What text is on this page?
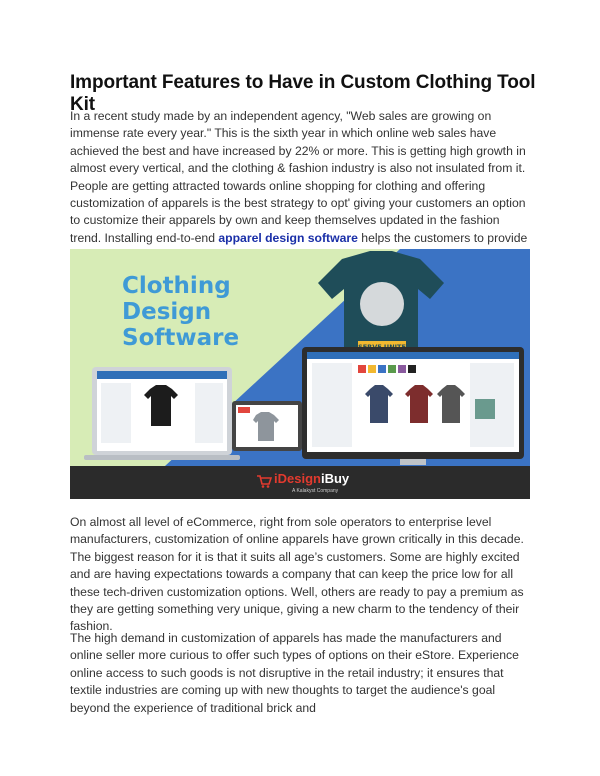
Important Features to Have in Custom Clothing Tool Kit

In a recent study made by an independent agency, "Web sales are growing on immense rate every year." This is the sixth year in which online web sales have achieved the best and have increased by 22% or more. This is getting high growth in almost every vertical, and the clothing & fashion industry is also not insulated from it. People are getting attracted towards online shopping for clothing and offering customization of apparels is the best strategy to opt' giving your customers an option to customize their apparels by own and keep themselves updated in the fashion trend. Installing end-to-end apparel design software helps the customers to provide

Clothing
Design
Software
iDesigniBuy
A Kalakyst Company

On almost all level of eCommerce, right from sole operators to enterprise level manufacturers, customization of online apparels have grown critically in this decade. The biggest reason for it is that it suits all age’s customers. Some are highly excited and are having expectations towards a company that can keep the price low for all these tech-driven customization options. Well, others are ready to pay a premium as they are getting something very unique, giving a new charm to the tendency of their fashion.

The high demand in customization of apparels has made the manufacturers and online seller more curious to offer such types of options on their eStore. Experience online access to such goods is not disruptive in the retail industry; it ensures that textile industries are coming up with new thoughts to target the audience's goal beyond the experience of traditional brick and
